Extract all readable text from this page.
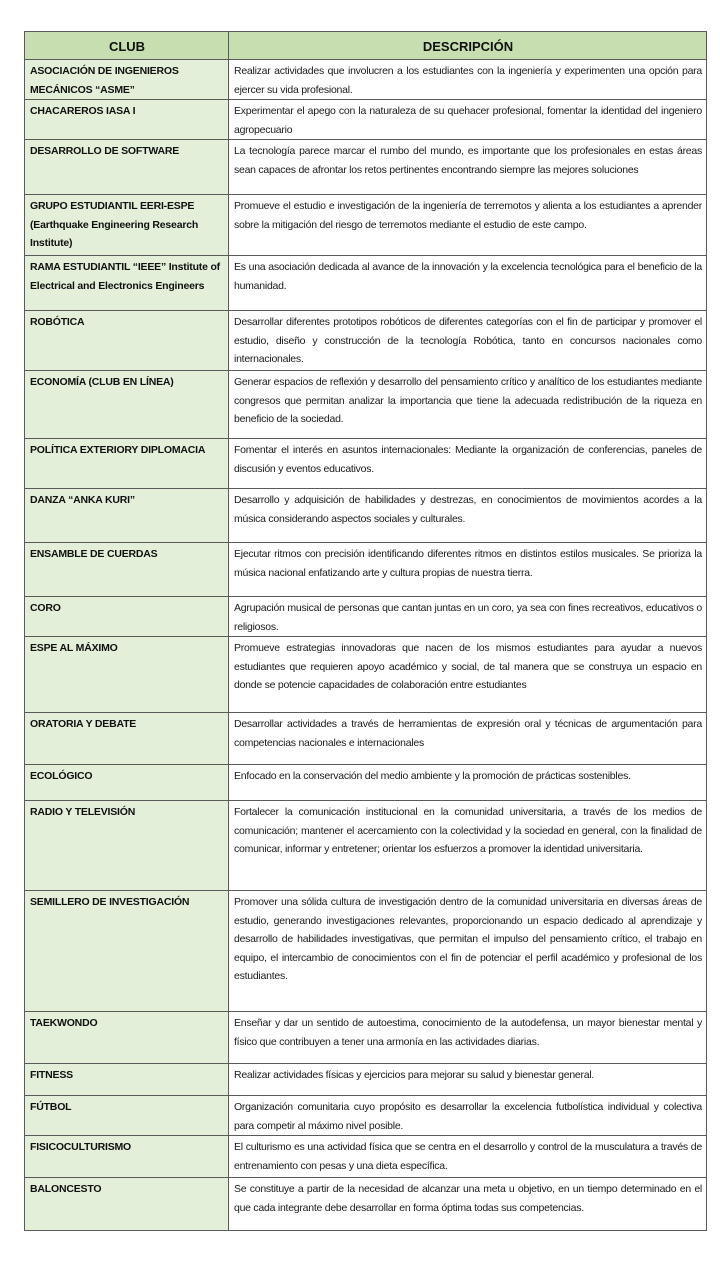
CLUB	DESCRIPCIÓN
ASOCIACIÓN DE INGENIEROS MECÁNICOS “ASME”	Realizar actividades que involucren a los estudiantes con la ingeniería y experimenten una opción para ejercer su vida profesional.
CHACAREROS IASA I	Experimentar el apego con la naturaleza de su quehacer profesional, fomentar la identidad del ingeniero agropecuario
DESARROLLO DE SOFTWARE	La tecnología parece marcar el rumbo del mundo, es importante que los profesionales en estas áreas sean capaces de afrontar los retos pertinentes encontrando siempre las mejores soluciones
GRUPO ESTUDIANTIL EERI-ESPE (Earthquake Engineering Research Institute)	Promueve el estudio e investigación de la ingeniería de terremotos y alienta a los estudiantes a aprender sobre la mitigación del riesgo de terremotos mediante el estudio de este campo.
RAMA ESTUDIANTIL “IEEE” Institute of Electrical and Electronics Engineers	Es una asociación dedicada al avance de la innovación y la excelencia tecnológica para el beneficio de la humanidad.
ROBÓTICA	Desarrollar diferentes prototipos robóticos de diferentes categorías con el fin de participar y promover el estudio, diseño y construcción de la tecnología Robótica, tanto en concursos nacionales como internacionales.
ECONOMÍA (CLUB EN LÍNEA)	Generar espacios de reflexión y desarrollo del pensamiento crítico y analítico de los estudiantes mediante congresos que permitan analizar la importancia que tiene la adecuada redistribución de la riqueza en beneficio de la sociedad.
POLÍTICA EXTERIORY DIPLOMACIA	Fomentar el interés en asuntos internacionales: Mediante la organización de conferencias, paneles de discusión y eventos educativos.
DANZA “ANKA KURI”	Desarrollo y adquisición de habilidades y destrezas, en conocimientos de movimientos acordes a la música considerando aspectos sociales y culturales.
ENSAMBLE DE CUERDAS	Ejecutar ritmos con precisión identificando diferentes ritmos en distintos estilos musicales. Se prioriza la música nacional enfatizando arte y cultura propias de nuestra tierra.
CORO	Agrupación musical de personas que cantan juntas en un coro, ya sea con fines recreativos, educativos o religiosos.
ESPE AL MÁXIMO	Promueve estrategias innovadoras que nacen de los mismos estudiantes para ayudar a nuevos estudiantes que requieren apoyo académico y social, de tal manera que se construya un espacio en donde se potencie capacidades de colaboración entre estudiantes
ORATORIA Y DEBATE	Desarrollar actividades a través de herramientas de expresión oral y técnicas de argumentación para competencias nacionales e internacionales
ECOLÓGICO	Enfocado en la conservación del medio ambiente y la promoción de prácticas sostenibles.
RADIO Y TELEVISIÓN	Fortalecer la comunicación institucional en la comunidad universitaria, a través de los medios de comunicación; mantener el acercamiento con la colectividad y la sociedad en general, con la finalidad de comunicar, informar y entretener; orientar los esfuerzos a promover la identidad universitaria.
SEMILLERO DE INVESTIGACIÓN	Promover una sólida cultura de investigación dentro de la comunidad universitaria en diversas áreas de estudio, generando investigaciones relevantes, proporcionando un espacio dedicado al aprendizaje y desarrollo de habilidades investigativas, que permitan el impulso del pensamiento crítico, el trabajo en equipo, el intercambio de conocimientos con el fin de potenciar el perfil académico y profesional de los estudiantes.
TAEKWONDO	Enseñar y dar un sentido de autoestima, conocimiento de la autodefensa, un mayor bienestar mental y físico que contribuyen a tener una armonía en las actividades diarias.
FITNESS	Realizar actividades físicas y ejercicios para mejorar su salud y bienestar general.
FÚTBOL	Organización comunitaria cuyo propósito es desarrollar la excelencia futbolística individual y colectiva para competir al máximo nivel posible.
FISICOCULTURISMO	El culturismo es una actividad física que se centra en el desarrollo y control de la musculatura a través de entrenamiento con pesas y una dieta específica.
BALONCESTO	Se constituye a partir de la necesidad de alcanzar una meta u objetivo, en un tiempo determinado en el que cada integrante debe desarrollar en forma óptima todas sus competencias.
